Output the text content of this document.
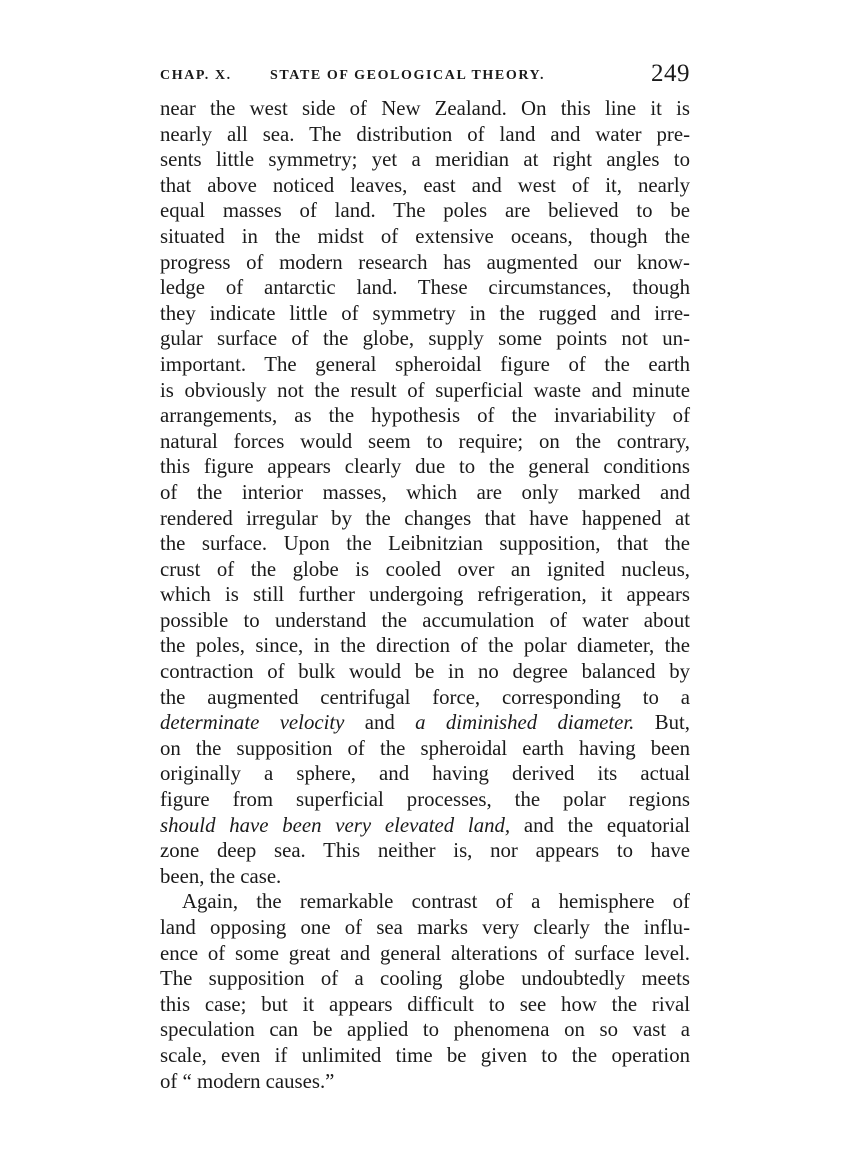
CHAP. X.	STATE OF GEOLOGICAL THEORY.	249
near the west side of New Zealand. On this line it is
nearly all sea. The distribution of land and water pre-
sents little symmetry; yet a meridian at right angles to
that above noticed leaves, east and west of it, nearly
equal masses of land. The poles are believed to be
situated in the midst of extensive oceans, though the
progress of modern research has augmented our know-
ledge of antarctic land. These circumstances, though
they indicate little of symmetry in the rugged and irre-
gular surface of the globe, supply some points not un-
important. The general spheroidal figure of the earth
is obviously not the result of superficial waste and minute
arrangements, as the hypothesis of the invariability of
natural forces would seem to require; on the contrary,
this figure appears clearly due to the general conditions
of the interior masses, which are only marked and
rendered irregular by the changes that have happened at
the surface. Upon the Leibnitzian supposition, that the
crust of the globe is cooled over an ignited nucleus,
which is still further undergoing refrigeration, it appears
possible to understand the accumulation of water about
the poles, since, in the direction of the polar diameter, the
contraction of bulk would be in no degree balanced by
the augmented centrifugal force, corresponding to a
determinate velocity and a diminished diameter. But,
on the supposition of the spheroidal earth having been
originally a sphere, and having derived its actual
figure from superficial processes, the polar regions
should have been very elevated land, and the equatorial
zone deep sea. This neither is, nor appears to have
been, the case.
Again, the remarkable contrast of a hemisphere of
land opposing one of sea marks very clearly the influ-
ence of some great and general alterations of surface level.
The supposition of a cooling globe undoubtedly meets
this case; but it appears difficult to see how the rival
speculation can be applied to phenomena on so vast a
scale, even if unlimited time be given to the operation
of “ modern causes.”
